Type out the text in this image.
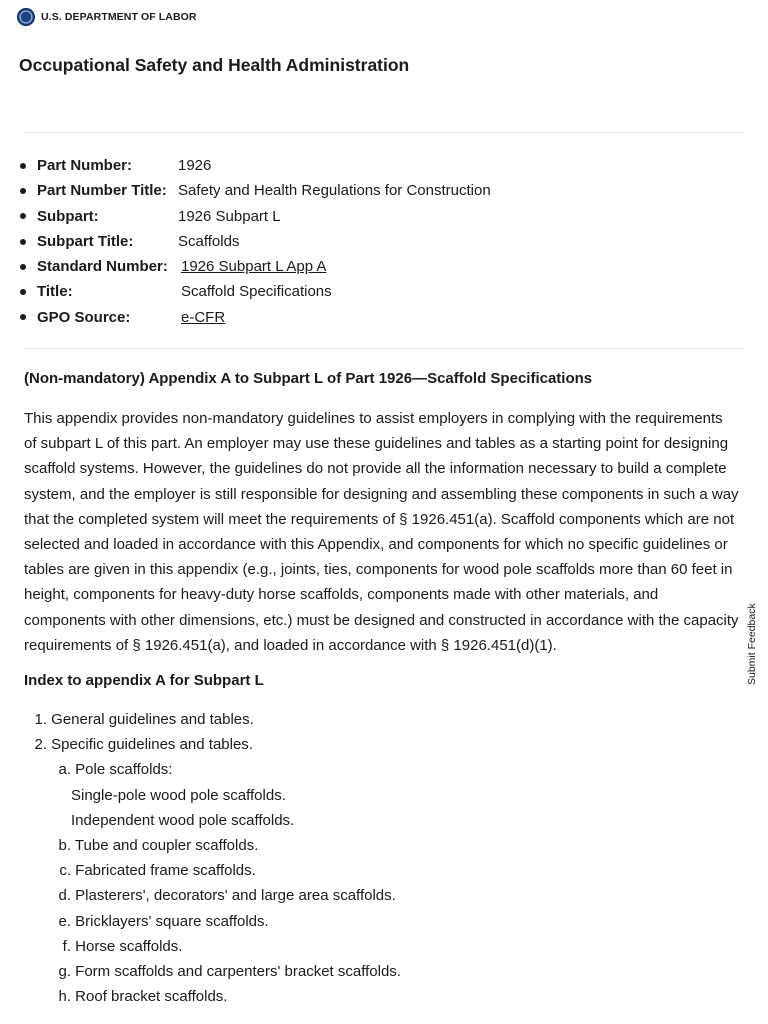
U.S. DEPARTMENT OF LABOR
Occupational Safety and Health Administration
Part Number:	1926
Part Number Title: Safety and Health Regulations for Construction
Subpart:	1926 Subpart L
Subpart Title:	Scaffolds
Standard Number: 1926 Subpart L App A
Title:	Scaffold Specifications
GPO Source:	e-CFR
(Non-mandatory) Appendix A to Subpart L of Part 1926—Scaffold Specifications
This appendix provides non-mandatory guidelines to assist employers in complying with the requirements
of subpart L of this part. An employer may use these guidelines and tables as a starting point for designing
scaffold systems. However, the guidelines do not provide all the information necessary to build a complete
system, and the employer is still responsible for designing and assembling these components in such a way
that the completed system will meet the requirements of § 1926.451(a). Scaffold components which are not
selected and loaded in accordance with this Appendix, and components for which no specific guidelines or
tables are given in this appendix (e.g., joints, ties, components for wood pole scaffolds more than 60 feet in
height, components for heavy-duty horse scaffolds, components made with other materials, and
components with other dimensions, etc.) must be designed and constructed in accordance with the capacity
requirements of § 1926.451(a), and loaded in accordance with § 1926.451(d)(1).
Index to appendix A for Subpart L
1. General guidelines and tables.
2. Specific guidelines and tables.
a. Pole scaffolds:
Single-pole wood pole scaffolds.
Independent wood pole scaffolds.
b. Tube and coupler scaffolds.
c. Fabricated frame scaffolds.
d. Plasterers', decorators' and large area scaffolds.
e. Bricklayers' square scaffolds.
f. Horse scaffolds.
g. Form scaffolds and carpenters' bracket scaffolds.
h. Roof bracket scaffolds.
Submit Feedback
